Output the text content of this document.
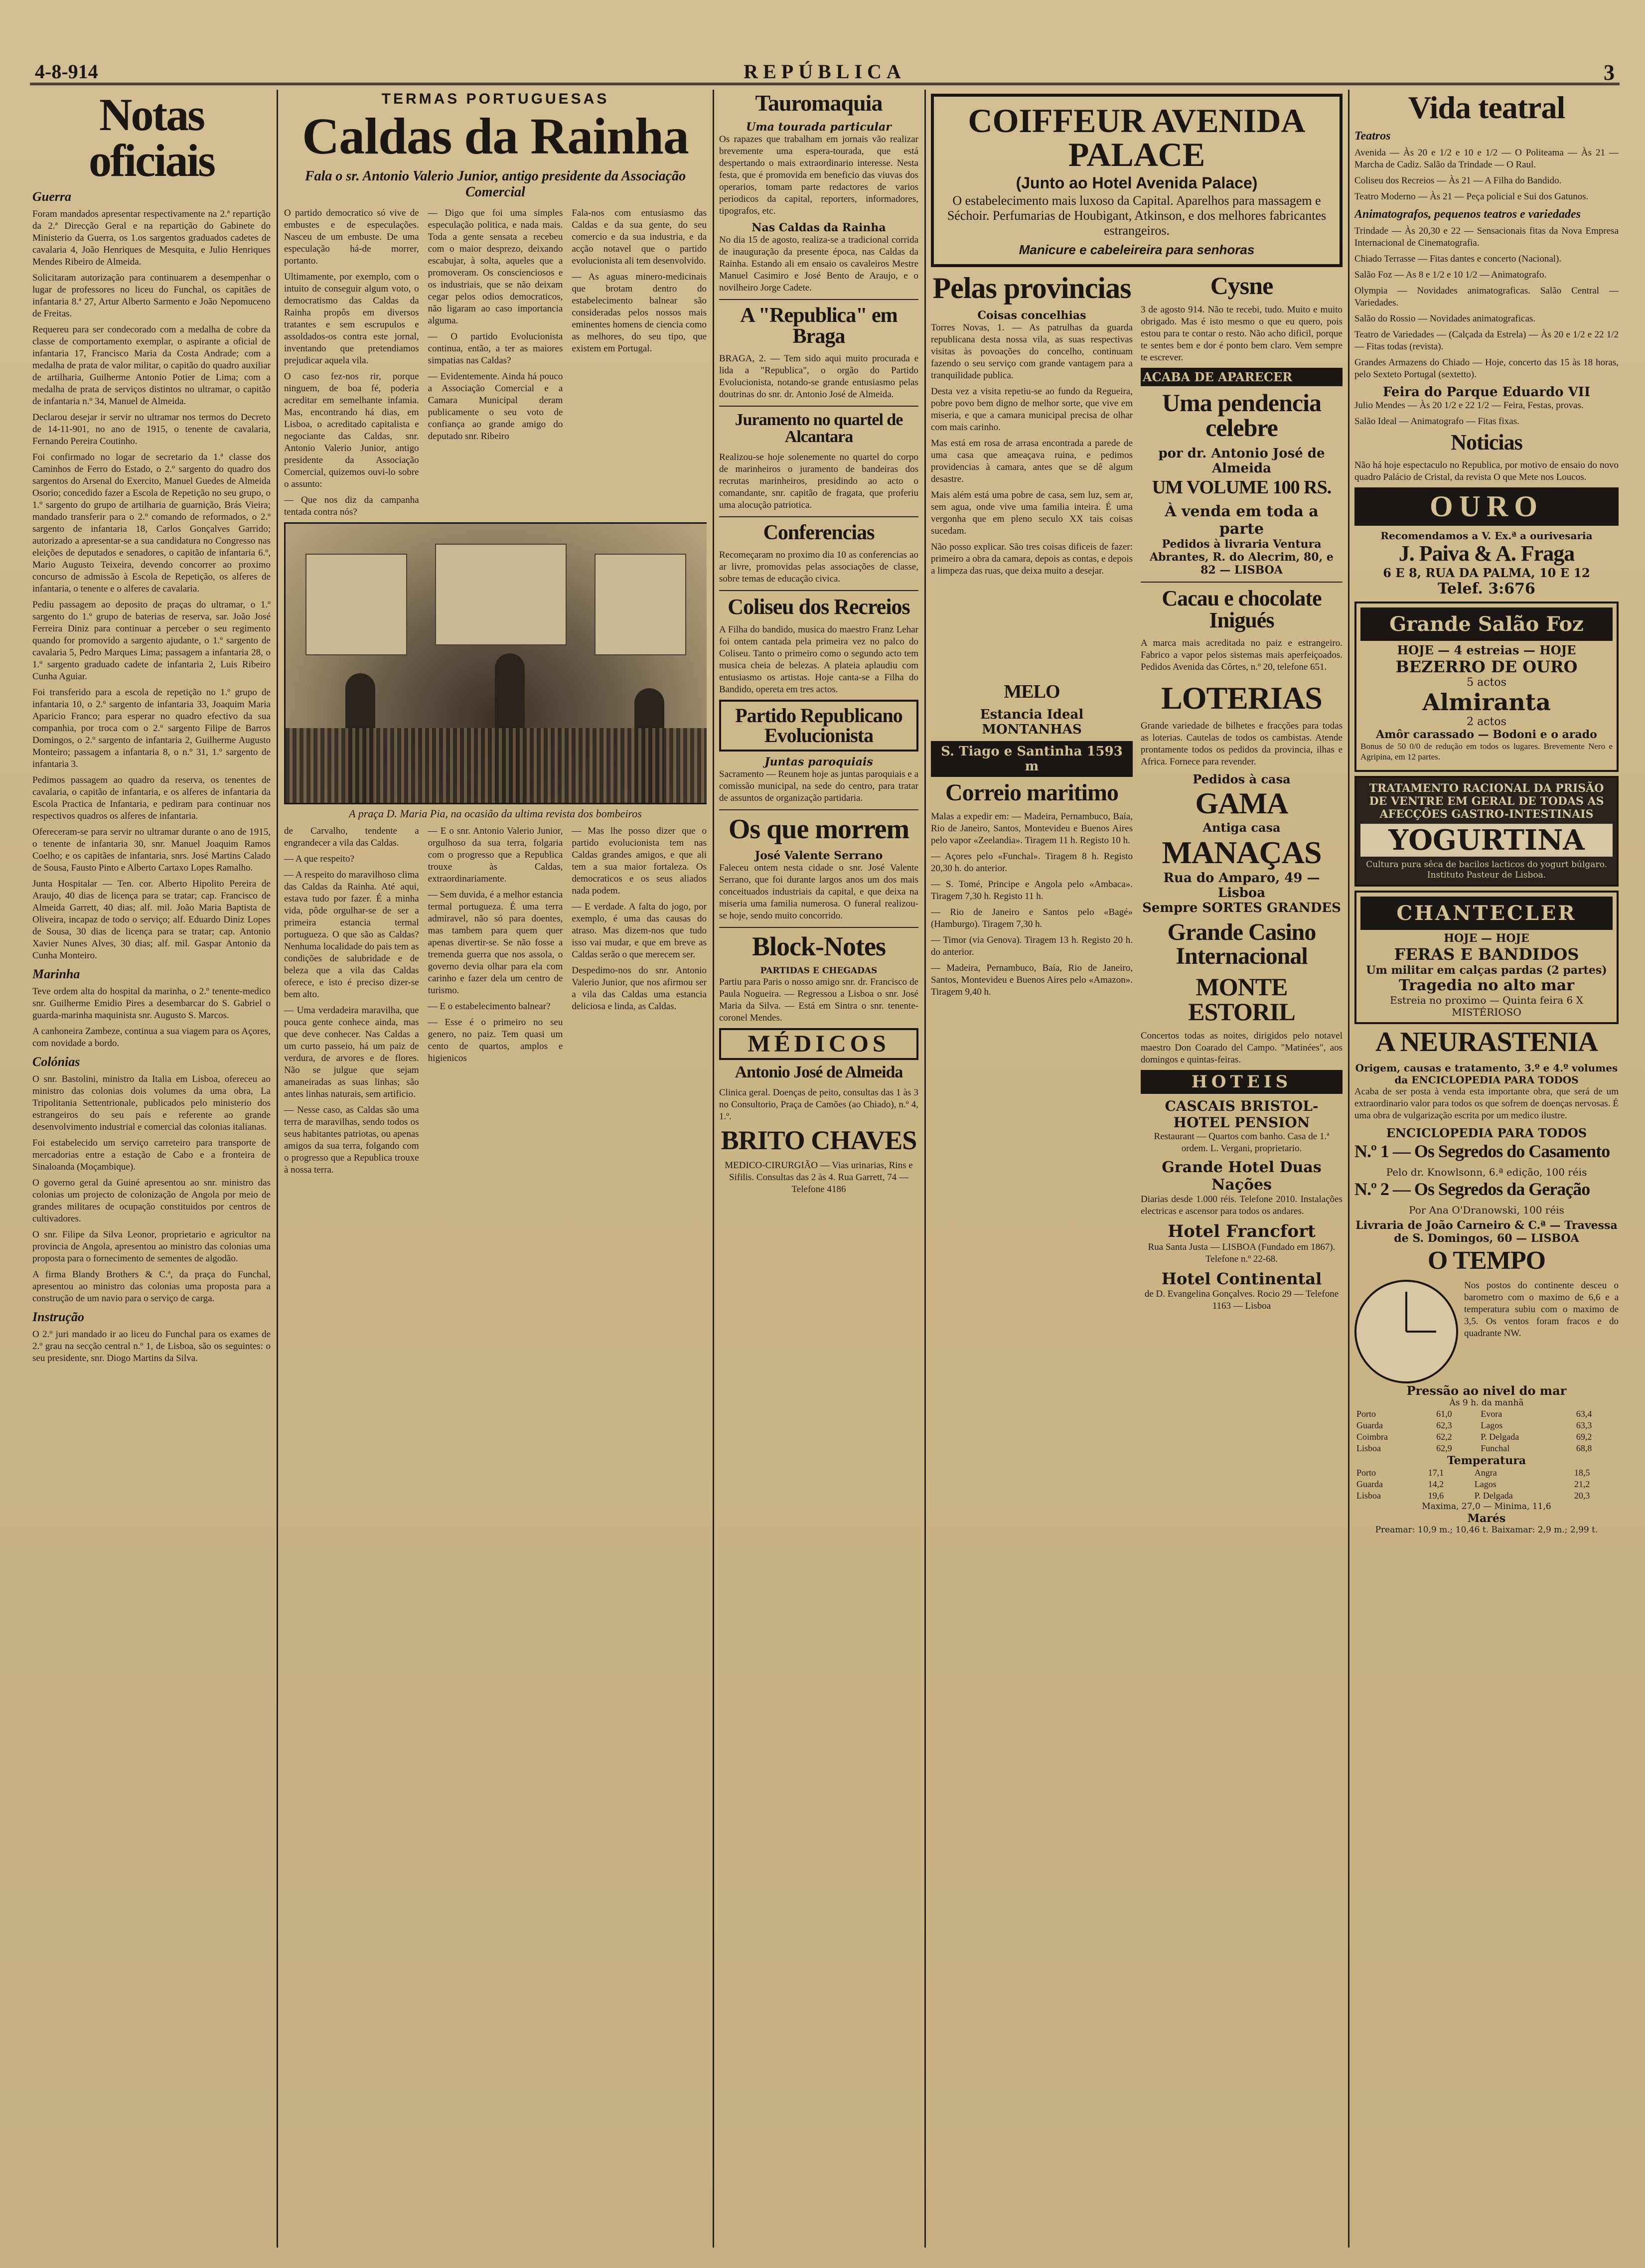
4-8-914	REPÚBLICA	3
Notas oficiais
Guerra

Foram mandados apresentar respectivamente na 2.ª repartição da 2.ª Direcção Geral e na repartição do Gabinete do Ministerio da Guerra, os 1.os sargentos graduados cadetes de cavalaria 4, João Henriques de Mesquita, e Julio Henriques Mendes Ribeiro de Almeida.

Solicitaram autorização para continuarem a desempenhar o lugar de professores no liceu do Funchal, os capitães de infantaria 8.ª 27, Artur Alberto Sarmento e João Nepomuceno de Freitas.

Requereu para ser condecorado com a medalha de cobre da classe de comportamento exemplar, o aspirante a oficial de infantaria 17, Francisco Maria da Costa Andrade; com a medalha de prata de valor militar, o capitão do quadro auxiliar de artilharia, Guilherme Antonio Potier de Lima; com a medalha de prata de serviços distintos no ultramar, o capitão de infantaria n.º 34, Manuel de Almeida.

Declarou desejar ir servir no ultramar nos termos do Decreto de 14-11-901, no ano de 1915, o tenente de cavalaria, Fernando Pereira Coutinho.

Foi confirmado no logar de secretario da 1.ª classe dos Caminhos de Ferro do Estado, o 2.º sargento do quadro dos sargentos do Arsenal do Exercito, Manuel Guedes de Almeida Osorio; concedido fazer a Escola de Repetição no seu grupo, o 1.º sargento do grupo de artilharia de guarnição, Brás Vieira; mandado transferir para o 2.º comando de reformados, o 2.º sargento de infantaria 18, Carlos Gonçalves Garrido; autorizado a apresentar-se a sua candidatura no Congresso nas eleições de deputados e senadores, o capitão de infantaria 6.º, Mario Augusto Teixeira, devendo concorrer ao proximo concurso de admissão à Escola de Repetição, os alferes de infantaria, o tenente e o alferes de cavalaria.

Pediu passagem ao deposito de praças do ultramar, o 1.º sargento do 1.º grupo de baterias de reserva, sar. João José Ferreira Diniz para continuar a perceber o seu regimento quando for promovido a sargento ajudante, o 1.º sargento de cavalaria 5, Pedro Marques Lima; passagem a infantaria 28, o 1.º sargento graduado cadete de infantaria 2, Luis Ribeiro Cunha Aguiar.

Foi transferido para a escola de repetição no 1.º grupo de infantaria 10, o 2.º sargento de infantaria 33, Joaquim Maria Aparicio Franco; para esperar no quadro efectivo da sua companhia, por troca com o 2.º sargento Filipe de Barros Domingos, o 2.º sargento de infantaria 2, Guilherme Augusto Monteiro; passagem a infantaria 8, o n.º 31, 1.º sargento de infantaria 3.

Pedimos passagem ao quadro da reserva, os tenentes de cavalaria, o capitão de infantaria, e os alferes de infantaria da Escola Practica de Infantaria, e pediram para continuar nos respectivos quadros os alferes de infantaria.

Ofereceram-se para servir no ultramar durante o ano de 1915, o tenente de infantaria 30, snr. Manuel Joaquim Ramos Coelho; e os capitães de infantaria, snrs. José Martins Calado de Sousa, Fausto Pinto e Alberto Cartaxo Lopes Ramalho.

Junta Hospitalar — Ten. cor. Alberto Hipolito Pereira de Araujo, 40 dias de licença para se tratar; cap. Francisco de Almeida Garrett, 40 dias; alf. mil. João Maria Baptista de Oliveira, incapaz de todo o serviço; alf. Eduardo Diniz Lopes de Sousa, 30 dias de licença para se tratar; cap. Antonio Xavier Nunes Alves, 30 dias; alf. mil. Gaspar Antonio da Cunha Monteiro.

Marinha

Teve ordem alta do hospital da marinha, o 2.º tenente-medico snr. Guilherme Emidio Pires a desembarcar do S. Gabriel o guarda-marinha maquinista snr. Augusto S. Marcos.

A canhoneira Zambeze, continua a sua viagem para os Açores, com novidade a bordo.

Colónias

O snr. Bastolini, ministro da Italia em Lisboa, ofereceu ao ministro das colonias dois volumes da uma obra, La Tripolitania Settentrionale, publicados pelo ministerio dos estrangeiros do seu país e referente ao grande desenvolvimento industrial e comercial das colonias italianas.

Foi estabelecido um serviço carreteiro para transporte de mercadorias entre a estação de Cabo e a fronteira de Sinaloanda (Moçambique).

O governo geral da Guiné apresentou ao snr. ministro das colonias um projecto de colonização de Angola por meio de grandes militares de ocupação constituidos por centros de cultivadores.

O snr. Filipe da Silva Leonor, proprietario e agricultor na provincia de Angola, apresentou ao ministro das colonias uma proposta para o fornecimento de sementes de algodão.

A firma Blandy Brothers & C.ª, da praça do Funchal, apresentou ao ministro das colonias uma proposta para a construção de um navio para o serviço de carga.

Instrução

O 2.º juri mandado ir ao liceu do Funchal para os exames de 2.º grau na secção central n.º 1, de Lisboa, são os seguintes: o seu presidente, snr. Diogo Martins da Silva.

TERMAS PORTUGUESAS
Caldas da Rainha
Fala o sr. Antonio Valerio Junior, antigo presidente da Associação Comercial

O partido democratico só vive de embustes e de especulações. Nasceu de um embuste. De uma especulação há-de morrer, portanto.

Ultimamente, por exemplo, com o intuito de conseguir algum voto, o democratismo das Caldas da Rainha propôs em diversos tratantes e sem escrupulos e assoldados-os contra este jornal, inventando que pretendiamos prejudicar aquela vila.

O caso fez-nos rir, porque ninguem, de boa fé, poderia acreditar em semelhante infamia. Mas, encontrando há dias, em Lisboa, o acreditado capitalista e negociante das Caldas, snr. Antonio Valerio Junior, antigo presidente da Associação Comercial, quizemos ouvi-lo sobre o assunto:

— Que nos diz da campanha tentada contra nós?

— Digo que foi uma simples especulação politica, e nada mais. Toda a gente sensata a recebeu com o maior desprezo, deixando escabujar, à solta, aqueles que a promoveram. Os conscienciosos e os industriais, que se não deixam cegar pelos odios democraticos, não ligaram ao caso importancia alguma.

— O partido Evolucionista continua, então, a ter as maiores simpatias nas Caldas?

— Evidentemente. Ainda há pouco a Associação Comercial e a Camara Municipal deram publicamente o seu voto de confiança ao grande amigo do deputado snr. Ribeiro

Fala-nos com entusiasmo das Caldas e da sua gente, do seu comercio e da sua industria, e da acção notavel que o partido evolucionista ali tem desenvolvido.

— As aguas minero-medicinais que brotam dentro do estabelecimento balnear são consideradas pelos nossos mais eminentes homens de ciencia como as melhores, do seu tipo, que existem em Portugal.

A praça D. Maria Pia, na ocasião da ultima revista dos bombeiros

de Carvalho, tendente a engrandecer a vila das Caldas.

— A que respeito?

— A respeito do maravilhoso clima das Caldas da Rainha. Até aqui, estava tudo por fazer. É a minha vida, pôde orgulhar-se de ser a primeira estancia termal portugueza. O que são as Caldas? Nenhuma localidade do pais tem as condições de salubridade e de beleza que a vila das Caldas oferece, e isto é preciso dizer-se bem alto.

— Uma verdadeira maravilha, que pouca gente conhece ainda, mas que deve conhecer. Nas Caldas a um curto passeio, há um paiz de verdura, de arvores e de flores. Não se julgue que sejam amaneiradas as suas linhas; são antes linhas naturais, sem artificio.

— Nesse caso, as Caldas são uma terra de maravilhas, sendo todos os seus habitantes patriotas, ou apenas amigos da sua terra, folgando com o progresso que a Republica trouxe à nossa terra.

— E o snr. Antonio Valerio Junior, orgulhoso da sua terra, folgaria com o progresso que a Republica trouxe às Caldas, extraordinariamente.

— Sem duvida, é a melhor estancia termal portugueza. É uma terra admiravel, não só para doentes, mas tambem para quem quer apenas divertir-se. Se não fosse a tremenda guerra que nos assola, o governo devia olhar para ela com carinho e fazer dela um centro de turismo.

— E o estabelecimento balnear?

— Esse é o primeiro no seu genero, no paiz. Tem quasi um cento de quartos, amplos e higienicos

— Mas lhe posso dizer que o partido evolucionista tem nas Caldas grandes amigos, e que ali tem a sua maior fortaleza. Os democraticos e os seus aliados nada podem.

— E verdade. A falta do jogo, por exemplo, é uma das causas do atraso. Mas dizem-nos que tudo isso vai mudar, e que em breve as Caldas serão o que merecem ser.

Despedimo-nos do snr. Antonio Valerio Junior, que nos afirmou ser a vila das Caldas uma estancia deliciosa e linda, as Caldas.

Tauromaquia
Uma tourada particular

Os rapazes que trabalham em jornais vão realizar brevemente uma espera-tourada, que está despertando o mais extraordinario interesse. Nesta festa, que é promovida em beneficio das viuvas dos operarios, tomam parte redactores de varios periodicos da capital, reporters, informadores, tipografos, etc.

Nas Caldas da Rainha

No dia 15 de agosto, realiza-se a tradicional corrida de inauguração da presente época, nas Caldas da Rainha. Estando ali em ensaio os cavaleiros Mestre Manuel Casimiro e José Bento de Araujo, e o novilheiro Jorge Cadete.

A "Republica" em Braga

BRAGA, 2. — Tem sido aqui muito procurada e lida a "Republica", o orgão do Partido Evolucionista, notando-se grande entusiasmo pelas doutrinas do snr. dr. Antonio José de Almeida.

Juramento no quartel de Alcantara

Realizou-se hoje solenemente no quartel do corpo de marinheiros o juramento de bandeiras dos recrutas marinheiros, presidindo ao acto o comandante, snr. capitão de fragata, que proferiu uma alocução patriotica.

Conferencias

Recomeçaram no proximo dia 10 as conferencias ao ar livre, promovidas pelas associações de classe, sobre temas de educação civica.

Coliseu dos Recreios

A Filha do bandido, musica do maestro Franz Lehar foi ontem cantada pela primeira vez no palco do Coliseu. Tanto o primeiro como o segundo acto tem musica cheia de belezas. A plateia aplaudiu com entusiasmo os artistas. Hoje canta-se a Filha do Bandido, opereta em tres actos.

Partido Republicano Evolucionista
Juntas paroquiais

Sacramento — Reunem hoje as juntas paroquiais e a comissão municipal, na sede do centro, para tratar de assuntos de organização partidaria.

Os que morrem
José Valente Serrano

Faleceu ontem nesta cidade o snr. José Valente Serrano, que foi durante largos anos um dos mais conceituados industriais da capital, e que deixa na miseria uma familia numerosa. O funeral realizou-se hoje, sendo muito concorrido.

Block-Notes
PARTIDAS E CHEGADAS

Partiu para Paris o nosso amigo snr. dr. Francisco de Paula Nogueira. — Regressou a Lisboa o snr. José Maria da Silva. — Está em Sintra o snr. tenente-coronel Mendes.

MÉDICOS
Antonio José de Almeida

Clinica geral. Doenças de peito, consultas das 1 às 3 no Consultorio, Praça de Camões (ao Chiado), n.º 4, 1.º.

BRITO CHAVES

MEDICO-CIRURGIÃO — Vias urinarias, Rins e Sifilis. Consultas das 2 às 4. Rua Garrett, 74 — Telefone 4186

COIFFEUR AVENIDA PALACE
(Junto ao Hotel Avenida Palace)
O estabelecimento mais luxoso da Capital. Aparelhos para massagem e Séchoir. Perfumarias de Houbigant, Atkinson, e dos melhores fabricantes estrangeiros.
Manicure e cabeleireira para senhoras
Pelas provincias
Coisas concelhias

Torres Novas, 1. — As patrulhas da guarda republicana desta nossa vila, as suas respectivas visitas às povoações do concelho, continuam fazendo o seu serviço com grande vantagem para a tranquilidade publica.

Desta vez a visita repetiu-se ao fundo da Regueira, pobre povo bem digno de melhor sorte, que vive em miseria, e que a camara municipal precisa de olhar com mais carinho.

Mas está em rosa de arrasa encontrada a parede de uma casa que ameaçava ruina, e pedimos providencias à camara, antes que se dê algum desastre.

Mais além está uma pobre de casa, sem luz, sem ar, sem agua, onde vive uma familia inteira. É uma vergonha que em pleno seculo XX tais coisas sucedam.

Não posso explicar. São tres coisas dificeis de fazer: primeiro a obra da camara, depois as contas, e depois a limpeza das ruas, que deixa muito a desejar.

Cysne

3 de agosto 914. Não te recebi, tudo. Muito e muito obrigado. Mas é isto mesmo o que eu quero, pois estou para te contar o resto. Não acho dificil, porque te sentes bem e dor é ponto bem claro. Vem sempre te escrever.

ACABA DE APARECER
Uma pendencia celebre
por dr. Antonio José de Almeida
UM VOLUME 100 RS.
À venda em toda a parte
Pedidos à livraria Ventura Abrantes, R. do Alecrim, 80, e 82 — LISBOA
Cacau e chocolate Inigués

A marca mais acreditada no paiz e estrangeiro. Fabrico a vapor pelos sistemas mais aperfeiçoados. Pedidos Avenida das Côrtes, n.º 20, telefone 651.

MELO
Estancia Ideal MONTANHAS
S. Tiago e Santinha 1593 m
Correio maritimo

Malas a expedir em: — Madeira, Pernambuco, Baía, Rio de Janeiro, Santos, Montevideu e Buenos Aires pelo vapor «Zeelandia». Tiragem 11 h. Registo 10 h.

— Açores pelo «Funchal». Tiragem 8 h. Registo 20,30 h. do anterior.

— S. Tomé, Principe e Angola pelo «Ambaca». Tiragem 7,30 h. Registo 11 h.

— Rio de Janeiro e Santos pelo «Bagé» (Hamburgo). Tiragem 7,30 h.

— Timor (via Genova). Tiragem 13 h. Registo 20 h. do anterior.

— Madeira, Pernambuco, Baía, Rio de Janeiro, Santos, Montevideu e Buenos Aires pelo «Amazon». Tiragem 9,40 h.

LOTERIAS

Grande variedade de bilhetes e fracções para todas as loterias. Cautelas de todos os cambistas. Atende prontamente todos os pedidos da provincia, ilhas e Africa. Fornece para revender.

Pedidos à casa
GAMA
Antiga casa
MANAÇAS
Rua do Amparo, 49 — Lisboa
Sempre SORTES GRANDES
Grande Casino Internacional
MONTE ESTORIL

Concertos todas as noites, dirigidos pelo notavel maestro Don Coarado del Campo. "Matinées", aos domingos e quintas-feiras.

HOTEIS
CASCAIS BRISTOL-HOTEL PENSION

Restaurant — Quartos com banho. Casa de 1.ª ordem. L. Vergani, proprietario.

Grande Hotel Duas Nações

Diarias desde 1.000 réis. Telefone 2010. Instalações electricas e ascensor para todos os andares.

Hotel Francfort

Rua Santa Justa — LISBOA (Fundado em 1867). Telefone n.º 22-68.

Hotel Continental

de D. Evangelina Gonçalves. Rocio 29 — Telefone 1163 — Lisboa

Vida teatral
Teatros

Avenida — Às 20 e 1/2 e 10 e 1/2 — O Politeama — Às 21 — Marcha de Cadiz. Salão da Trindade — O Raul.

Coliseu dos Recreios — Às 21 — A Filha do Bandido.

Teatro Moderno — Às 21 — Peça policial e Sui dos Gatunos.

Animatografos, pequenos teatros e variedades

Trindade — Às 20,30 e 22 — Sensacionais fitas da Nova Empresa Internacional de Cinematografia.

Chiado Terrasse — Fitas dantes e concerto (Nacional).

Salão Foz — As 8 e 1/2 e 10 1/2 — Animatografo.

Olympia — Novidades animatograficas. Salão Central — Variedades.

Salão do Rossio — Novidades animatograficas.

Teatro de Variedades — (Calçada da Estrela) — Às 20 e 1/2 e 22 1/2 — Fitas todas (revista).

Grandes Armazens do Chiado — Hoje, concerto das 15 às 18 horas, pelo Sexteto Portugal (sextetto).

Feira do Parque Eduardo VII

Julio Mendes — Às 20 1/2 e 22 1/2 — Feira, Festas, provas.

Salão Ideal — Animatografo — Fitas fixas.

Noticias

Não há hoje espectaculo no Republica, por motivo de ensaio do novo quadro Palácio de Cristal, da revista O que Mete nos Loucos.

OURO
Recomendamos a V. Ex.ª a ourivesaria
J. Paiva & A. Fraga
6 E 8, RUA DA PALMA, 10 E 12
Telef. 3:676
Grande Salão Foz
HOJE — 4 estreias — HOJE
BEZERRO DE OURO
5 actos
Almiranta
2 actos
Amôr carassado — Bodoni e o arado

Bonus de 50 0/0 de redução em todos os lugares. Brevemente Nero e Agripina, em 12 partes.

TRATAMENTO RACIONAL DA PRISÃO DE VENTRE EM GERAL DE TODAS AS AFECÇÕES GASTRO-INTESTINAIS
YOGURTINA
Cultura pura sêca de bacilos lacticos do yogurt búlgaro. Instituto Pasteur de Lisboa.
CHANTECLER
HOJE — HOJE
FERAS E BANDIDOS
Um militar em calças pardas (2 partes)
Tragedia no alto mar
Estreia no proximo — Quinta feira 6 X MISTÉRIOSO
A NEURASTENIA
Origem, causas e tratamento, 3.º e 4.º volumes da ENCICLOPEDIA PARA TODOS

Acaba de ser posta à venda esta importante obra, que será de um extraordinario valor para todos os que sofrem de doenças nervosas. É uma obra de vulgarização escrita por um medico ilustre.

ENCICLOPEDIA PARA TODOS
N.º 1 — Os Segredos do Casamento
Pelo dr. Knowlsonn, 6.ª edição, 100 réis
N.º 2 — Os Segredos da Geração
Por Ana O'Dranowski, 100 réis
Livraria de João Carneiro & C.ª — Travessa de S. Domingos, 60 — LISBOA
O TEMPO

Nos postos do continente desceu o barometro com o maximo de 6,6 e a temperatura subiu com o maximo de 3,5. Os ventos foram fracos e do quadrante NW.

Pressão ao nivel do mar
Às 9 h. da manhã
Porto	61,0	Evora	63,4
Guarda	62,3	Lagos	63,3
Coimbra	62,2	P. Delgada	69,2
Lisboa	62,9	Funchal	68,8
Temperatura
Porto	17,1	Angra	18,5
Guarda	14,2	Lagos	21,2
Lisboa	19,6	P. Delgada	20,3
Maxima, 27,0 — Minima, 11,6
Marés
Preamar: 10,9 m.; 10,46 t. Baixamar: 2,9 m.; 2,99 t.
